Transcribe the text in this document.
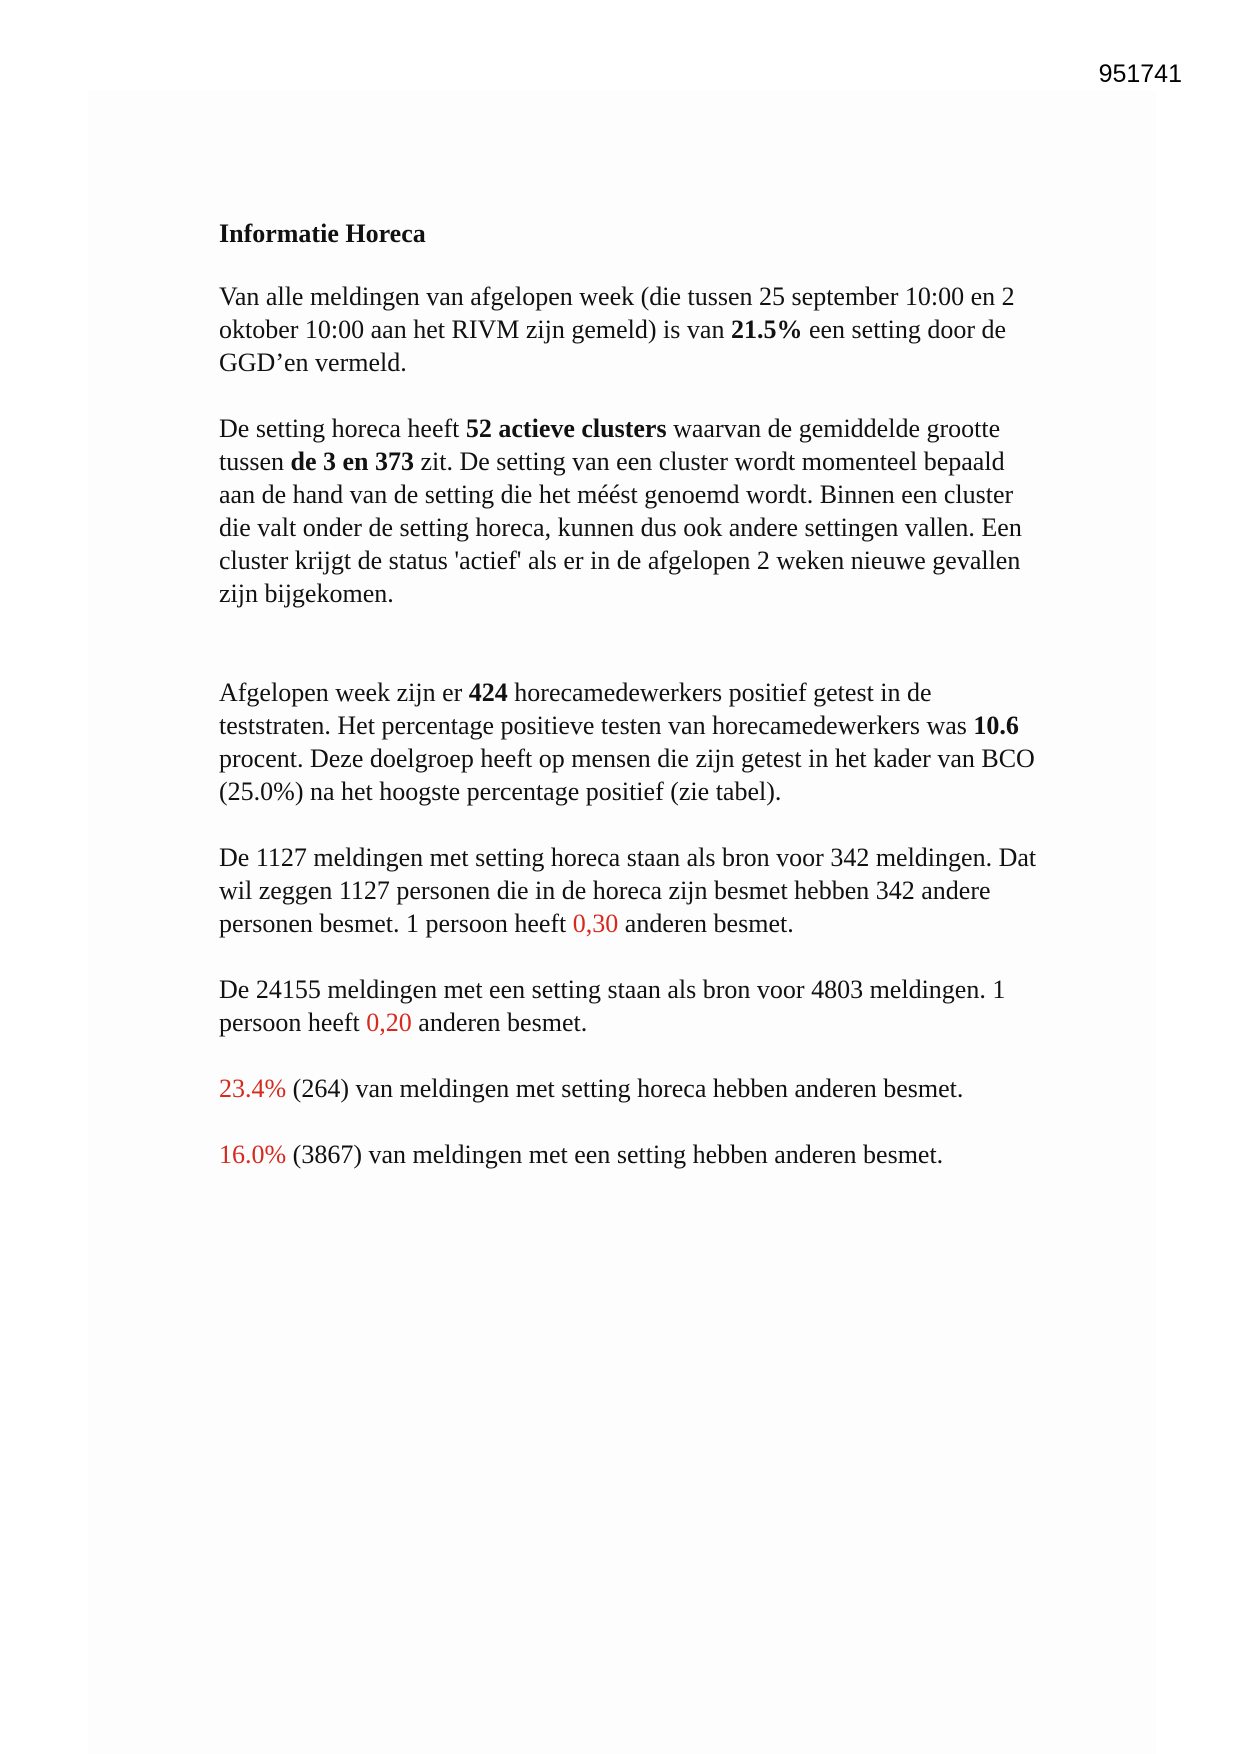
951741
Informatie Horeca

Van alle meldingen van afgelopen week (die tussen 25 september 10:00 en 2 oktober 10:00 aan het RIVM zijn gemeld) is van 21.5% een setting door de GGD’en vermeld.

De setting horeca heeft 52 actieve clusters waarvan de gemiddelde grootte tussen de 3 en 373 zit. De setting van een cluster wordt momenteel bepaald aan de hand van de setting die het méést genoemd wordt. Binnen een cluster die valt onder de setting horeca, kunnen dus ook andere settingen vallen. Een cluster krijgt de status 'actief' als er in de afgelopen 2 weken nieuwe gevallen zijn bijgekomen.

Afgelopen week zijn er 424 horecamedewerkers positief getest in de teststraten. Het percentage positieve testen van horecamedewerkers was 10.6 procent. Deze doelgroep heeft op mensen die zijn getest in het kader van BCO (25.0%) na het hoogste percentage positief (zie tabel).

De 1127 meldingen met setting horeca staan als bron voor 342 meldingen. Dat wil zeggen 1127 personen die in de horeca zijn besmet hebben 342 andere personen besmet. 1 persoon heeft 0,30 anderen besmet.

De 24155 meldingen met een setting staan als bron voor 4803 meldingen. 1 persoon heeft 0,20 anderen besmet.

23.4% (264) van meldingen met setting horeca hebben anderen besmet.

16.0% (3867) van meldingen met een setting hebben anderen besmet.
